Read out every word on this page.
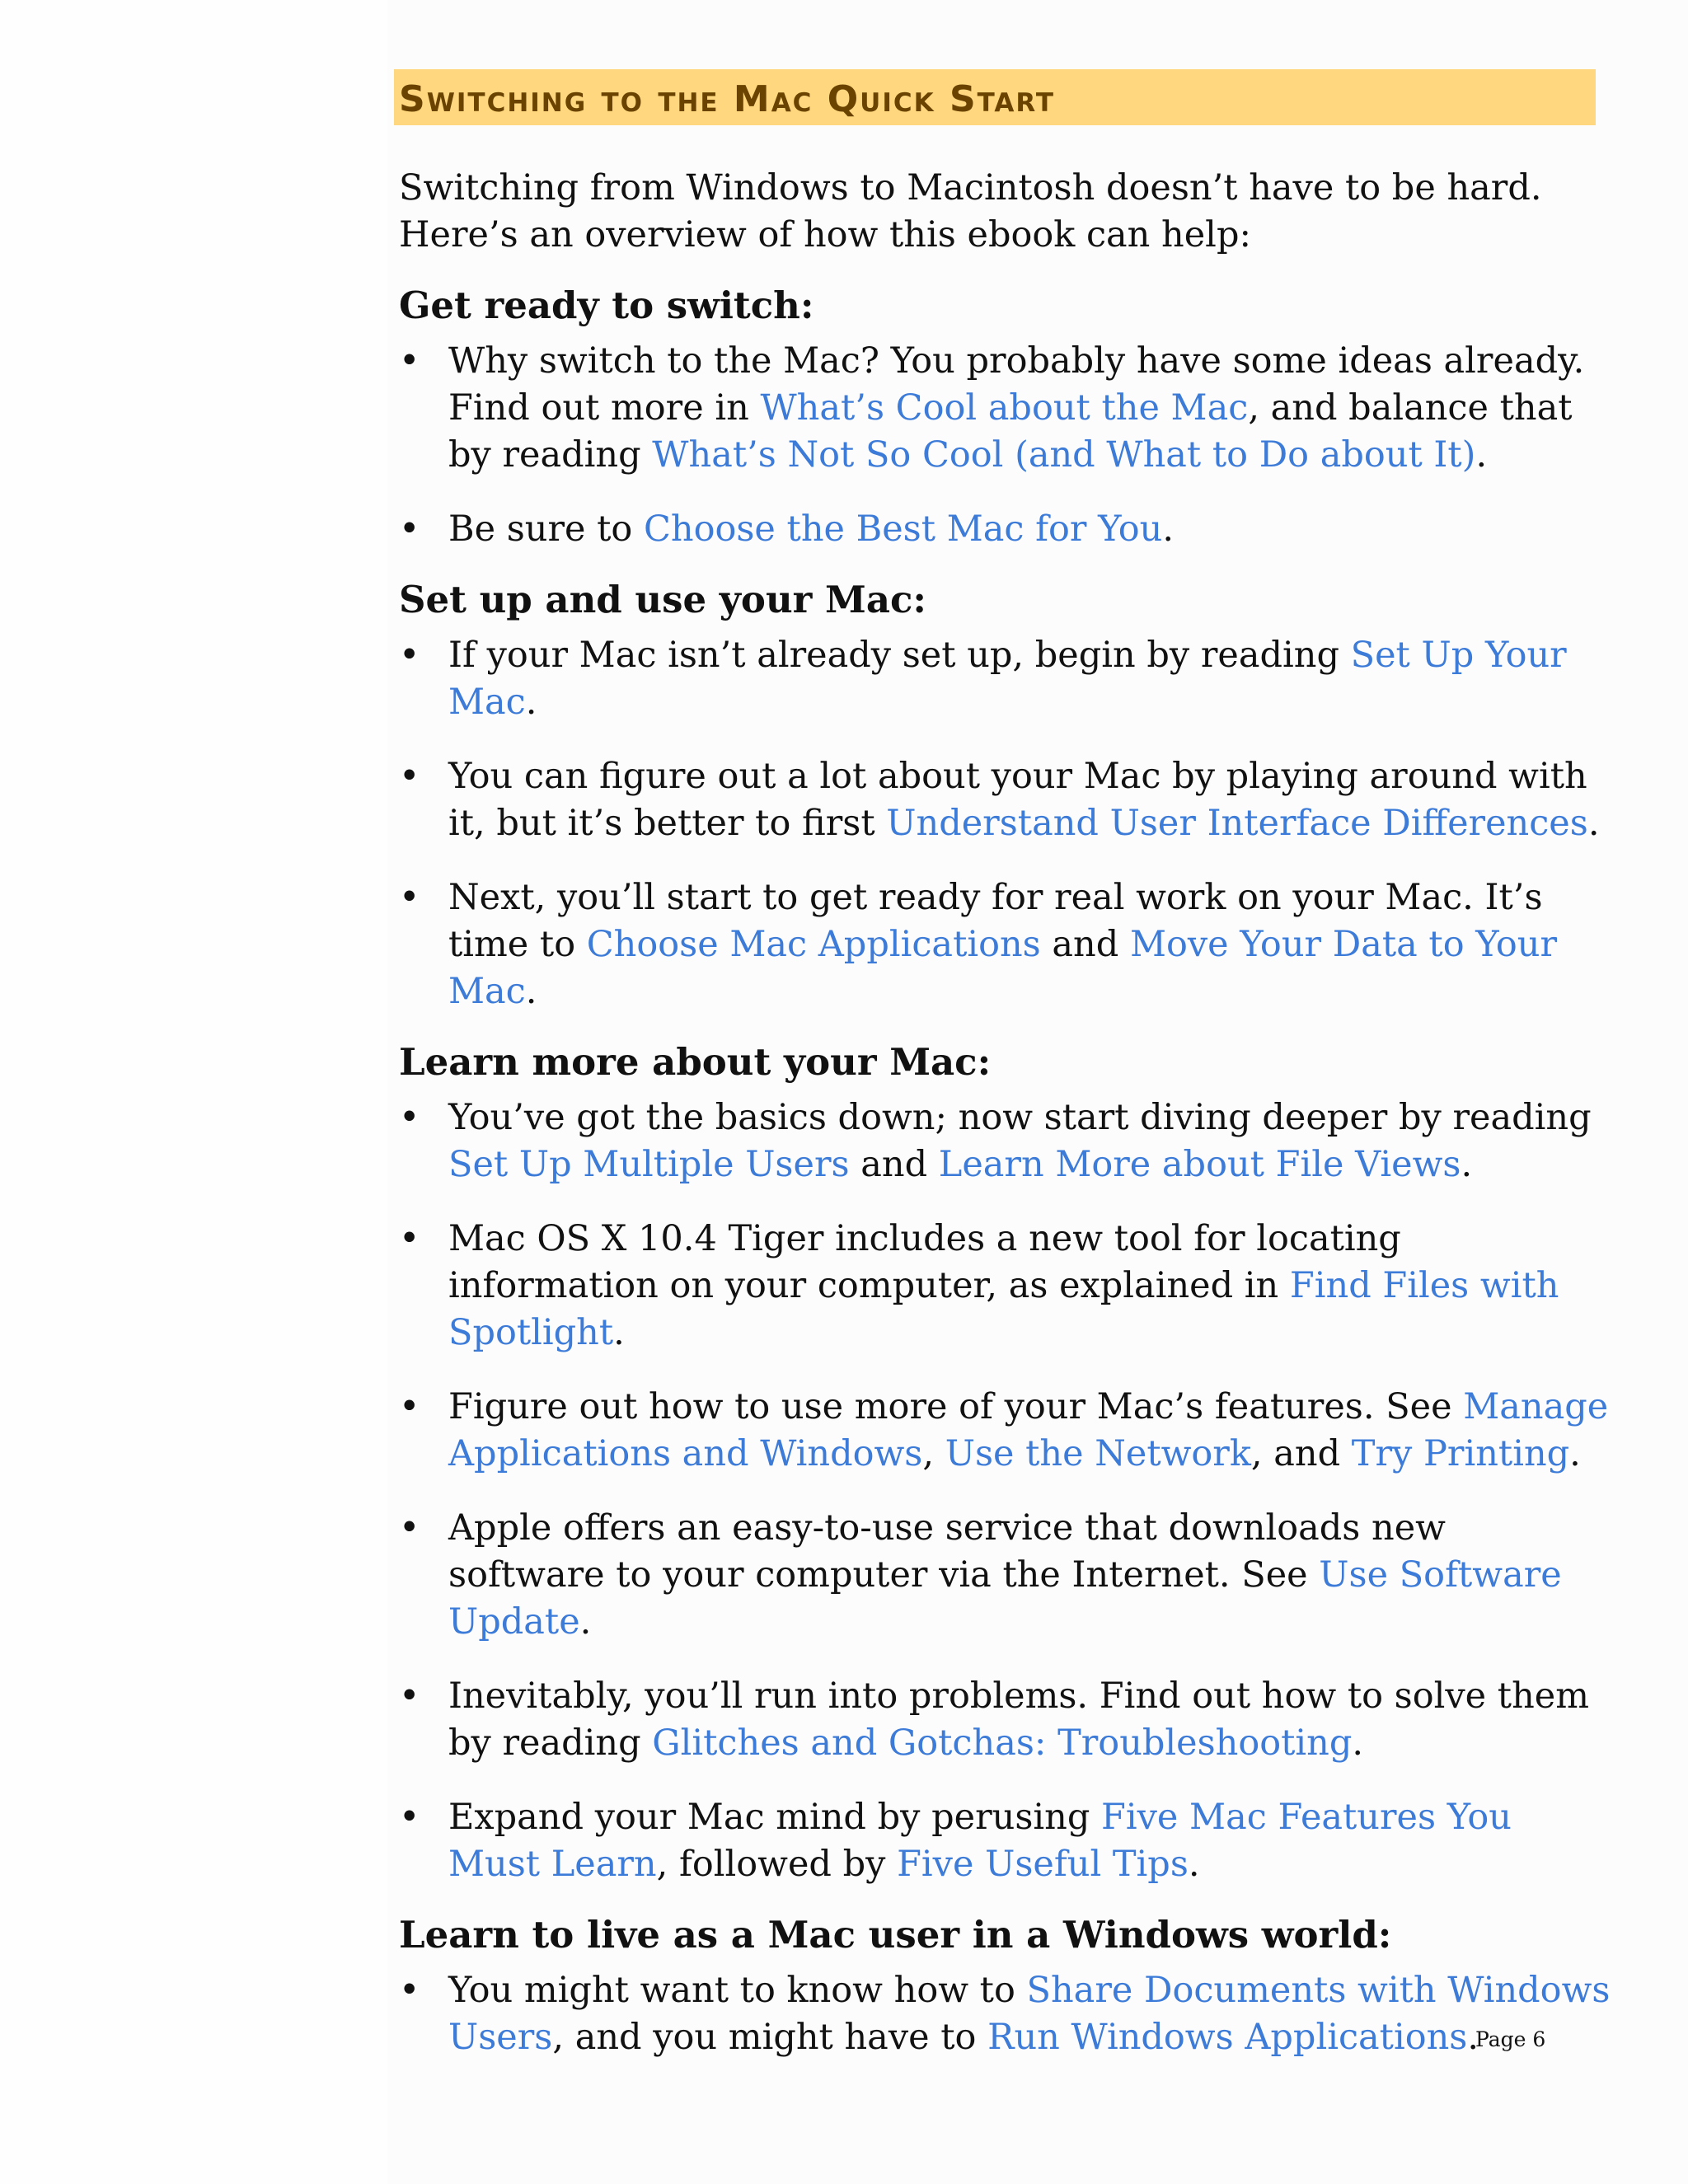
Switching to the Mac Quick Start

Switching from Windows to Macintosh doesn’t have to be hard. Here’s an overview of how this ebook can help:

Get ready to switch:
• Why switch to the Mac? You probably have some ideas already. Find out more in What’s Cool about the Mac, and balance that by reading What’s Not So Cool (and What to Do about It).
• Be sure to Choose the Best Mac for You.
Set up and use your Mac:
• If your Mac isn’t already set up, begin by reading Set Up Your Mac.
• You can figure out a lot about your Mac by playing around with it, but it’s better to first Understand User Interface Differences.
• Next, you’ll start to get ready for real work on your Mac. It’s time to Choose Mac Applications and Move Your Data to Your Mac.
Learn more about your Mac:
• You’ve got the basics down; now start diving deeper by reading Set Up Multiple Users and Learn More about File Views.
• Mac OS X 10.4 Tiger includes a new tool for locating information on your computer, as explained in Find Files with Spotlight.
• Figure out how to use more of your Mac’s features. See Manage Applications and Windows, Use the Network, and Try Printing.
• Apple offers an easy-to-use service that downloads new software to your computer via the Internet. See Use Software Update.
• Inevitably, you’ll run into problems. Find out how to solve them by reading Glitches and Gotchas: Troubleshooting.
• Expand your Mac mind by perusing Five Mac Features You Must Learn, followed by Five Useful Tips.
Learn to live as a Mac user in a Windows world:
• You might want to know how to Share Documents with Windows Users, and you might have to Run Windows Applications.
Page 6
